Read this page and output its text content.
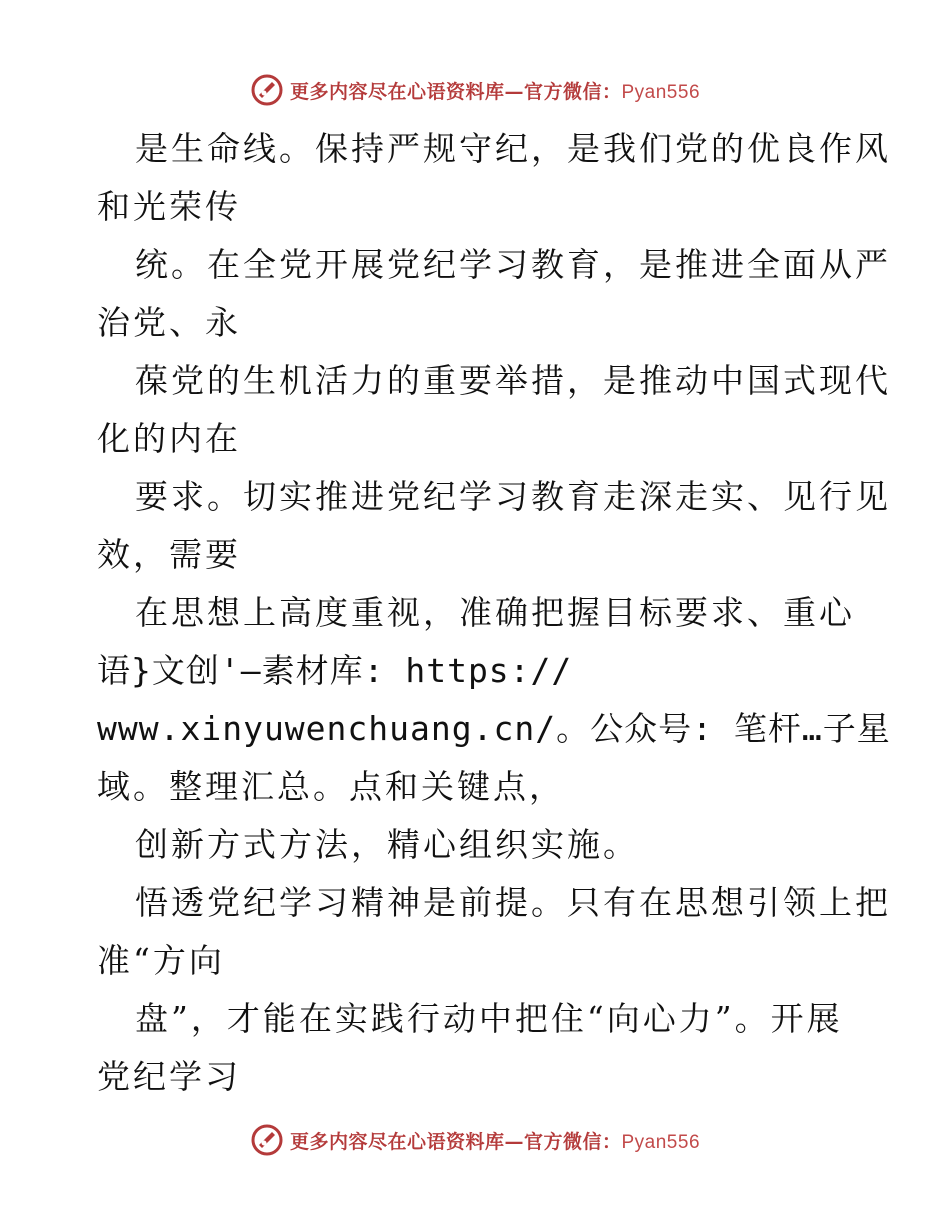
更多内容尽在心语资料库—官方微信：Pyan556
是生命线。保持严规守纪，是我们党的优良作风
和光荣传
统。在全党开展党纪学习教育，是推进全面从严
治党、永
葆党的生机活力的重要举措，是推动中国式现代
化的内在
要求。切实推进党纪学习教育走深走实、见行见
效，需要
在思想上高度重视，准确把握目标要求、重心
语}文创'—素材库: https://
www.xinyuwenchuang.cn/。公众号: 笔杆…子星
域。整理汇总。点和关键点，
创新方式方法，精心组织实施。
悟透党纪学习精神是前提。只有在思想引领上把
准“方向
盘”，才能在实践行动中把住“向心力”。开展
党纪学习
更多内容尽在心语资料库—官方微信：Pyan556
